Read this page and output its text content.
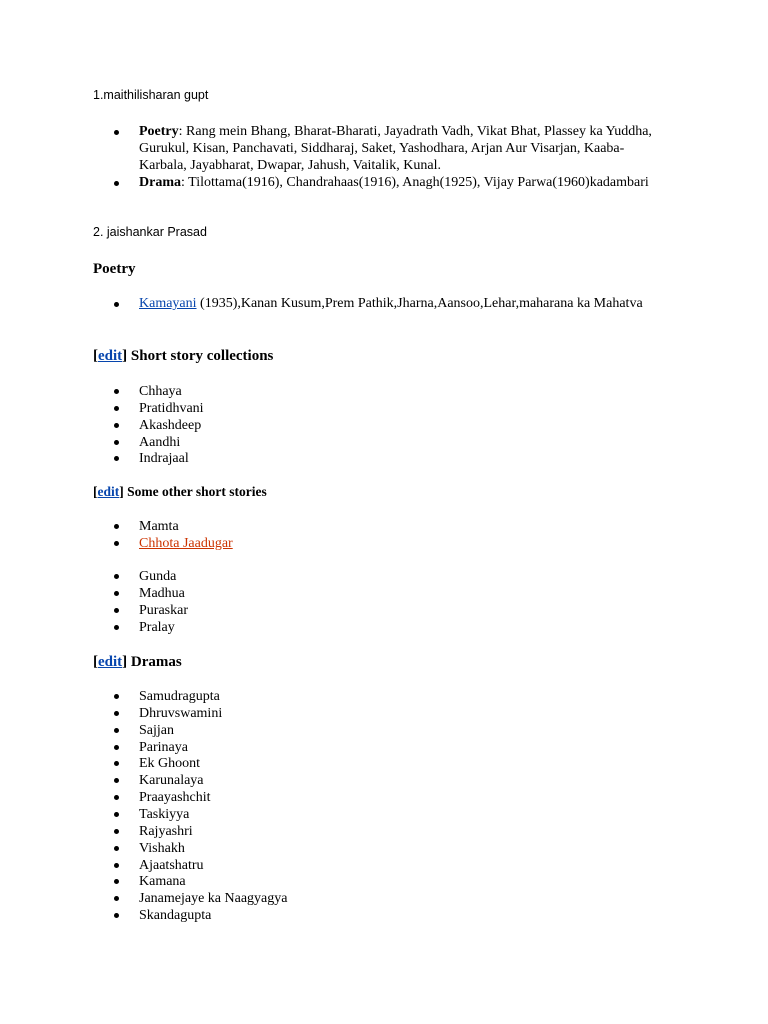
1.maithilisharan gupt
Poetry: Rang mein Bhang, Bharat-Bharati, Jayadrath Vadh, Vikat Bhat, Plassey ka Yuddha, Gurukul, Kisan, Panchavati, Siddharaj, Saket, Yashodhara, Arjan Aur Visarjan, Kaaba-Karbala, Jayabharat, Dwapar, Jahush, Vaitalik, Kunal.
Drama: Tilottama(1916), Chandrahaas(1916), Anagh(1925), Vijay Parwa(1960)kadambari
2. jaishankar Prasad
Poetry
Kamayani (1935),Kanan Kusum,Prem Pathik,Jharna,Aansoo,Lehar,maharana ka Mahatva
[edit] Short story collections
Chhaya
Pratidhvani
Akashdeep
Aandhi
Indrajaal
[edit] Some other short stories
Mamta
Chhota Jaadugar
Gunda
Madhua
Puraskar
Pralay
[edit] Dramas
Samudragupta
Dhruvswamini
Sajjan
Parinaya
Ek Ghoont
Karunalaya
Praayashchit
Taskiyya
Rajyashri
Vishakh
Ajaatshatru
Kamana
Janamejaye ka Naagyagya
Skandagupta
